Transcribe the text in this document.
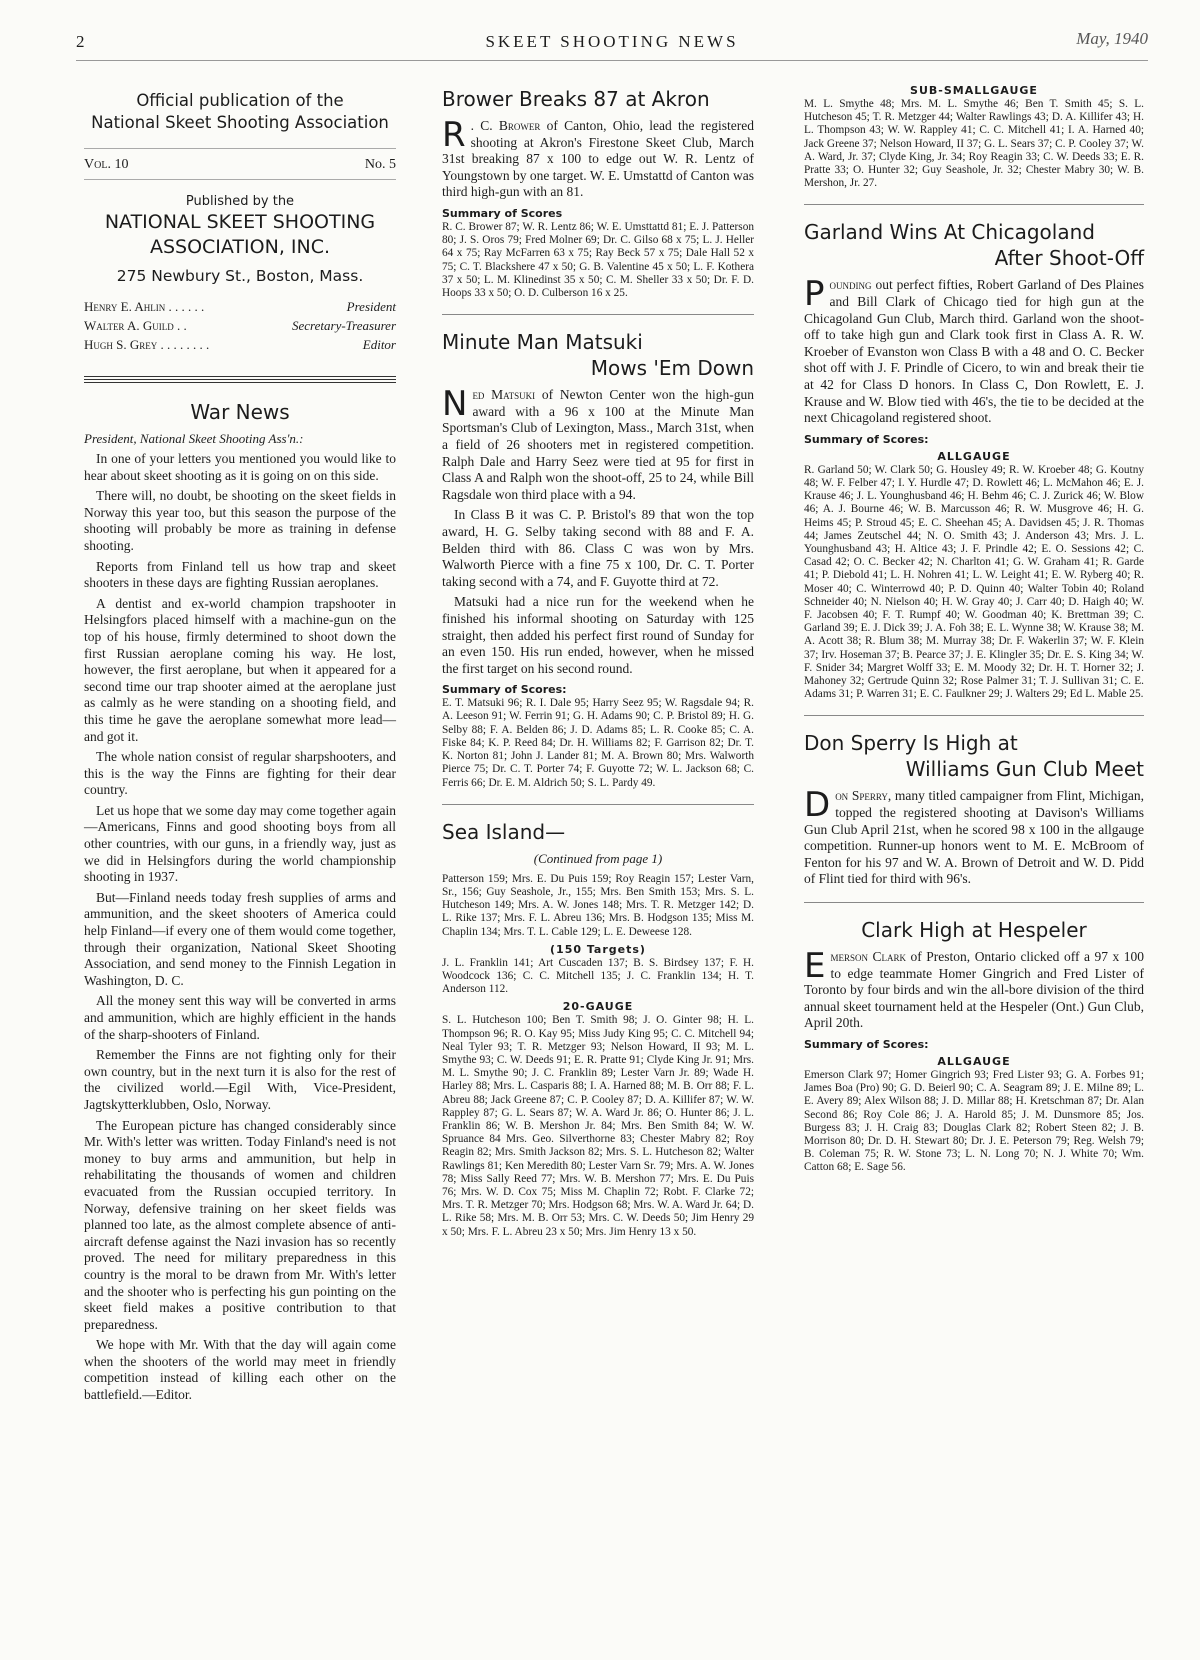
2	SKEET SHOOTING NEWS	May, 1940
Official publication of the
National Skeet Shooting Association
Vol. 10	No. 5
Published by the
NATIONAL SKEET SHOOTING
ASSOCIATION, INC.
275 Newbury St., Boston, Mass.
Henry E. Ahlin . . . . . .	President
Walter A. Guild . .	Secretary-Treasurer
Hugh S. Grey . . . . . . . .	Editor
War News
President, National Skeet Shooting Ass'n.:

In one of your letters you mentioned you would like to hear about skeet shooting as it is going on on this side.

There will, no doubt, be shooting on the skeet fields in Norway this year too, but this season the purpose of the shooting will probably be more as training in defense shooting.

Reports from Finland tell us how trap and skeet shooters in these days are fighting Russian aeroplanes.

A dentist and ex-world champion trapshooter in Helsingfors placed himself with a machine-gun on the top of his house, firmly determined to shoot down the first Russian aeroplane coming his way. He lost, however, the first aeroplane, but when it appeared for a second time our trap shooter aimed at the aeroplane just as calmly as he were standing on a shooting field, and this time he gave the aeroplane somewhat more lead—and got it.

The whole nation consist of regular sharpshooters, and this is the way the Finns are fighting for their dear country.

Let us hope that we some day may come together again—Americans, Finns and good shooting boys from all other countries, with our guns, in a friendly way, just as we did in Helsingfors during the world championship shooting in 1937.

But—Finland needs today fresh supplies of arms and ammunition, and the skeet shooters of America could help Finland—if every one of them would come together, through their organization, National Skeet Shooting Association, and send money to the Finnish Legation in Washington, D. C.

All the money sent this way will be converted in arms and ammunition, which are highly efficient in the hands of the sharp-shooters of Finland.

Remember the Finns are not fighting only for their own country, but in the next turn it is also for the rest of the civilized world.—Egil With, Vice-President, Jagtskytterklubben, Oslo, Norway.

The European picture has changed considerably since Mr. With's letter was written. Today Finland's need is not money to buy arms and ammunition, but help in rehabilitating the thousands of women and children evacuated from the Russian occupied territory. In Norway, defensive training on her skeet fields was planned too late, as the almost complete absence of anti-aircraft defense against the Nazi invasion has so recently proved. The need for military preparedness in this country is the moral to be drawn from Mr. With's letter and the shooter who is perfecting his gun pointing on the skeet field makes a positive contribution to that preparedness.

We hope with Mr. With that the day will again come when the shooters of the world may meet in friendly competition instead of killing each other on the battlefield.—Editor.

Brower Breaks 87 at Akron

R . C. Brower of Canton, Ohio, lead the registered shooting at Akron's Firestone Skeet Club, March 31st breaking 87 x 100 to edge out W. R. Lentz of Youngstown by one target. W. E. Umstattd of Canton was third high-gun with an 81.

Summary of Scores
R. C. Brower 87; W. R. Lentz 86; W. E. Umsttattd 81; E. J. Patterson 80; J. S. Oros 79; Fred Molner 69; Dr. C. Gilso 68 x 75; L. J. Heller 64 x 75; Ray McFarren 63 x 75; Ray Beck 57 x 75; Dale Hall 52 x 75; C. T. Blackshere 47 x 50; G. B. Valentine 45 x 50; L. F. Kothera 37 x 50; L. M. Klinedinst 35 x 50; C. M. Sheller 33 x 50; Dr. F. D. Hoops 33 x 50; O. D. Culberson 16 x 25.
Minute Man Matsuki
Mows 'Em Down

Ned Matsuki of Newton Center won the high-gun award with a 96 x 100 at the Minute Man Sportsman's Club of Lexington, Mass., March 31st, when a field of 26 shooters met in registered competition. Ralph Dale and Harry Seez were tied at 95 for first in Class A and Ralph won the shoot-off, 25 to 24, while Bill Ragsdale won third place with a 94.

In Class B it was C. P. Bristol's 89 that won the top award, H. G. Selby taking second with 88 and F. A. Belden third with 86. Class C was won by Mrs. Walworth Pierce with a fine 75 x 100, Dr. C. T. Porter taking second with a 74, and F. Guyotte third at 72.

Matsuki had a nice run for the weekend when he finished his informal shooting on Saturday with 125 straight, then added his perfect first round of Sunday for an even 150. His run ended, however, when he missed the first target on his second round.

Summary of Scores:
E. T. Matsuki 96; R. I. Dale 95; Harry Seez 95; W. Ragsdale 94; R. A. Leeson 91; W. Ferrin 91; G. H. Adams 90; C. P. Bristol 89; H. G. Selby 88; F. A. Belden 86; J. D. Adams 85; L. R. Cooke 85; C. A. Fiske 84; K. P. Reed 84; Dr. H. Williams 82; F. Garrison 82; Dr. T. K. Norton 81; John J. Lander 81; M. A. Brown 80; Mrs. Walworth Pierce 75; Dr. C. T. Porter 74; F. Guyotte 72; W. L. Jackson 68; C. Ferris 66; Dr. E. M. Aldrich 50; S. L. Pardy 49.
Sea Island—
(Continued from page 1)
Patterson 159; Mrs. E. Du Puis 159; Roy Reagin 157; Lester Varn, Sr., 156; Guy Seashole, Jr., 155; Mrs. Ben Smith 153; Mrs. S. L. Hutcheson 149; Mrs. A. W. Jones 148; Mrs. T. R. Metzger 142; D. L. Rike 137; Mrs. F. L. Abreu 136; Mrs. B. Hodgson 135; Miss M. Chaplin 134; Mrs. T. L. Cable 129; L. E. Deweese 128.
(150 Targets)
J. L. Franklin 141; Art Cuscaden 137; B. S. Birdsey 137; F. H. Woodcock 136; C. C. Mitchell 135; J. C. Franklin 134; H. T. Anderson 112.
20-GAUGE
S. L. Hutcheson 100; Ben T. Smith 98; J. O. Ginter 98; H. L. Thompson 96; R. O. Kay 95; Miss Judy King 95; C. C. Mitchell 94; Neal Tyler 93; T. R. Metzger 93; Nelson Howard, II 93; M. L. Smythe 93; C. W. Deeds 91; E. R. Pratte 91; Clyde King Jr. 91; Mrs. M. L. Smythe 90; J. C. Franklin 89; Lester Varn Jr. 89; Wade H. Harley 88; Mrs. L. Casparis 88; I. A. Harned 88; M. B. Orr 88; F. L. Abreu 88; Jack Greene 87; C. P. Cooley 87; D. A. Killifer 87; W. W. Rappley 87; G. L. Sears 87; W. A. Ward Jr. 86; O. Hunter 86; J. L. Franklin 86; W. B. Mershon Jr. 84; Mrs. Ben Smith 84; W. W. Spruance 84 Mrs. Geo. Silverthorne 83; Chester Mabry 82; Roy Reagin 82; Mrs. Smith Jackson 82; Mrs. S. L. Hutcheson 82; Walter Rawlings 81; Ken Meredith 80; Lester Varn Sr. 79; Mrs. A. W. Jones 78; Miss Sally Reed 77; Mrs. W. B. Mershon 77; Mrs. E. Du Puis 76; Mrs. W. D. Cox 75; Miss M. Chaplin 72; Robt. F. Clarke 72; Mrs. T. R. Metzger 70; Mrs. Hodgson 68; Mrs. W. A. Ward Jr. 64; D. L. Rike 58; Mrs. M. B. Orr 53; Mrs. C. W. Deeds 50; Jim Henry 29 x 50; Mrs. F. L. Abreu 23 x 50; Mrs. Jim Henry 13 x 50.
SUB-SMALLGAUGE
M. L. Smythe 48; Mrs. M. L. Smythe 46; Ben T. Smith 45; S. L. Hutcheson 45; T. R. Metzger 44; Walter Rawlings 43; D. A. Killifer 43; H. L. Thompson 43; W. W. Rappley 41; C. C. Mitchell 41; I. A. Harned 40; Jack Greene 37; Nelson Howard, II 37; G. L. Sears 37; C. P. Cooley 37; W. A. Ward, Jr. 37; Clyde King, Jr. 34; Roy Reagin 33; C. W. Deeds 33; E. R. Pratte 33; O. Hunter 32; Guy Seashole, Jr. 32; Chester Mabry 30; W. B. Mershon, Jr. 27.
Garland Wins At Chicagoland
After Shoot-Off

Pounding out perfect fifties, Robert Garland of Des Plaines and Bill Clark of Chicago tied for high gun at the Chicagoland Gun Club, March third. Garland won the shoot-off to take high gun and Clark took first in Class A. R. W. Kroeber of Evanston won Class B with a 48 and O. C. Becker shot off with J. F. Prindle of Cicero, to win and break their tie at 42 for Class D honors. In Class C, Don Rowlett, E. J. Krause and W. Blow tied with 46's, the tie to be decided at the next Chicagoland registered shoot.

Summary of Scores:
ALLGAUGE
R. Garland 50; W. Clark 50; G. Housley 49; R. W. Kroeber 48; G. Koutny 48; W. F. Felber 47; I. Y. Hurdle 47; D. Rowlett 46; L. McMahon 46; E. J. Krause 46; J. L. Younghusband 46; H. Behm 46; C. J. Zurick 46; W. Blow 46; A. J. Bourne 46; W. B. Marcusson 46; R. W. Musgrove 46; H. G. Heims 45; P. Stroud 45; E. C. Sheehan 45; A. Davidsen 45; J. R. Thomas 44; James Zeutschel 44; N. O. Smith 43; J. Anderson 43; Mrs. J. L. Younghusband 43; H. Altice 43; J. F. Prindle 42; E. O. Sessions 42; C. Casad 42; O. C. Becker 42; N. Charlton 41; G. W. Graham 41; R. Garde 41; P. Diebold 41; L. H. Nohren 41; L. W. Leight 41; E. W. Ryberg 40; R. Moser 40; C. Winterrowd 40; P. D. Quinn 40; Walter Tobin 40; Roland Schneider 40; N. Nielson 40; H. W. Gray 40; J. Carr 40; D. Haigh 40; W. F. Jacobsen 40; F. T. Rumpf 40; W. Goodman 40; K. Brettman 39; C. Garland 39; E. J. Dick 39; J. A. Foh 38; E. L. Wynne 38; W. Krause 38; M. A. Acott 38; R. Blum 38; M. Murray 38; Dr. F. Wakerlin 37; W. F. Klein 37; Irv. Hoseman 37; B. Pearce 37; J. E. Klingler 35; Dr. E. S. King 34; W. F. Snider 34; Margret Wolff 33; E. M. Moody 32; Dr. H. T. Horner 32; J. Mahoney 32; Gertrude Quinn 32; Rose Palmer 31; T. J. Sullivan 31; C. E. Adams 31; P. Warren 31; E. C. Faulkner 29; J. Walters 29; Ed L. Mable 25.
Don Sperry Is High at
Williams Gun Club Meet

Don Sperry, many titled campaigner from Flint, Michigan, topped the registered shooting at Davison's Williams Gun Club April 21st, when he scored 98 x 100 in the allgauge competition. Runner-up honors went to M. E. McBroom of Fenton for his 97 and W. A. Brown of Detroit and W. D. Pidd of Flint tied for third with 96's.

Clark High at Hespeler

Emerson Clark of Preston, Ontario clicked off a 97 x 100 to edge teammate Homer Gingrich and Fred Lister of Toronto by four birds and win the all-bore division of the third annual skeet tournament held at the Hespeler (Ont.) Gun Club, April 20th.

Summary of Scores:
ALLGAUGE
Emerson Clark 97; Homer Gingrich 93; Fred Lister 93; G. A. Forbes 91; James Boa (Pro) 90; G. D. Beierl 90; C. A. Seagram 89; J. E. Milne 89; L. E. Avery 89; Alex Wilson 88; J. D. Millar 88; H. Kretschman 87; Dr. Alan Second 86; Roy Cole 86; J. A. Harold 85; J. M. Dunsmore 85; Jos. Burgess 83; J. H. Craig 83; Douglas Clark 82; Robert Steen 82; J. B. Morrison 80; Dr. D. H. Stewart 80; Dr. J. E. Peterson 79; Reg. Welsh 79; B. Coleman 75; R. W. Stone 73; L. N. Long 70; N. J. White 70; Wm. Catton 68; E. Sage 56.
